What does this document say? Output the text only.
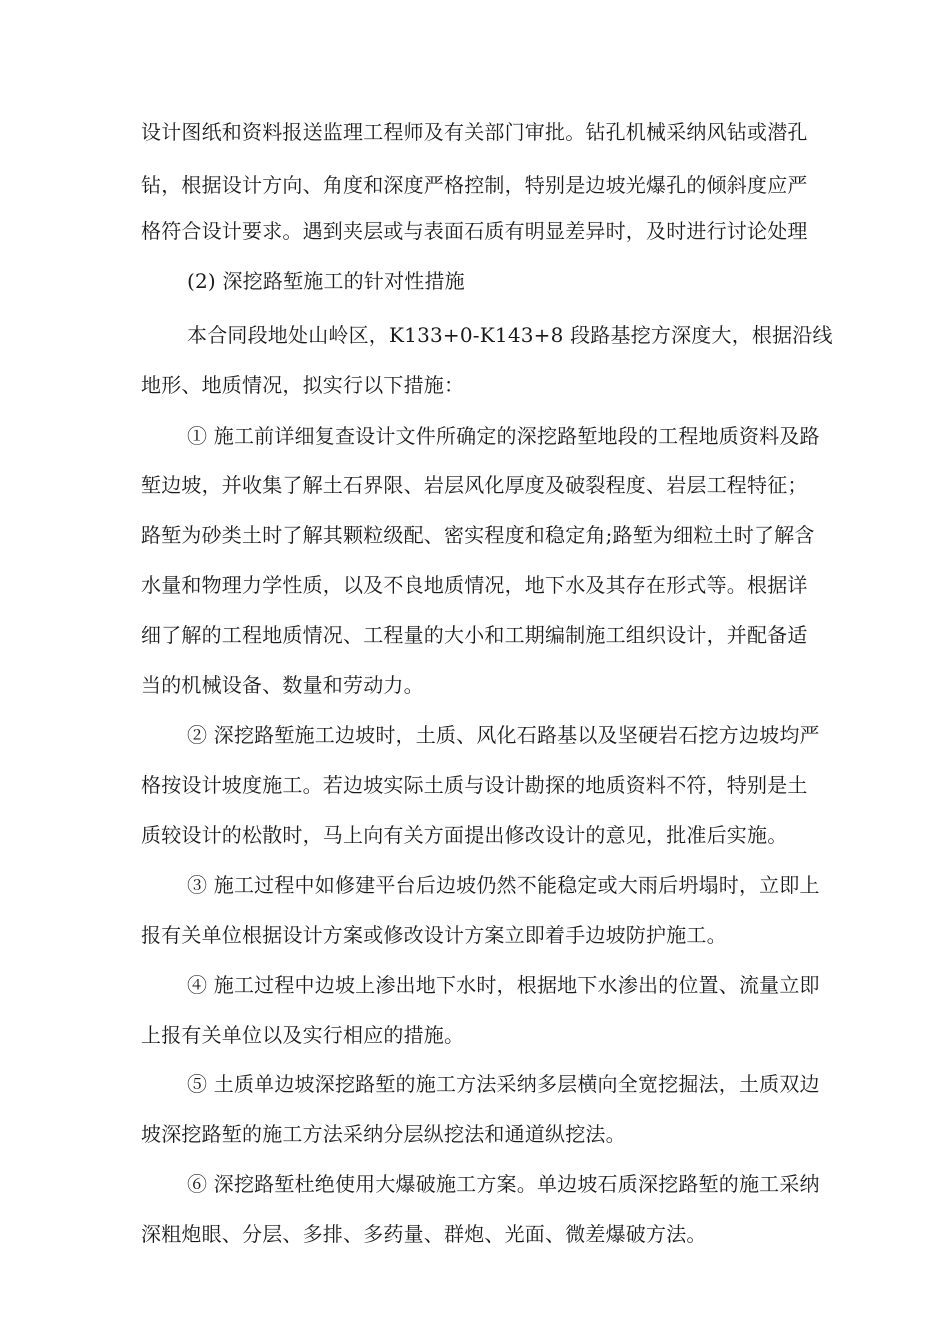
设计图纸和资料报送监理工程师及有关部门审批。钻孔机械采纳风钻或潜孔
钻，根据设计方向、角度和深度严格控制，特别是边坡光爆孔的倾斜度应严
格符合设计要求。遇到夹层或与表面石质有明显差异时，及时进行讨论处理
(2) 深挖路堑施工的针对性措施
本合同段地处山岭区，K133+0-K143+8 段路基挖方深度大，根据沿线
地形、地质情况，拟实行以下措施：
① 施工前详细复查设计文件所确定的深挖路堑地段的工程地质资料及路
堑边坡，并收集了解土石界限、岩层风化厚度及破裂程度、岩层工程特征；
路堑为砂类土时了解其颗粒级配、密实程度和稳定角;路堑为细粒土时了解含
水量和物理力学性质，以及不良地质情况，地下水及其存在形式等。根据详
细了解的工程地质情况、工程量的大小和工期编制施工组织设计，并配备适
当的机械设备、数量和劳动力。
② 深挖路堑施工边坡时，土质、风化石路基以及坚硬岩石挖方边坡均严
格按设计坡度施工。若边坡实际土质与设计勘探的地质资料不符，特别是土
质较设计的松散时，马上向有关方面提出修改设计的意见，批准后实施。
③ 施工过程中如修建平台后边坡仍然不能稳定或大雨后坍塌时，立即上
报有关单位根据设计方案或修改设计方案立即着手边坡防护施工。
④ 施工过程中边坡上渗出地下水时，根据地下水渗出的位置、流量立即
上报有关单位以及实行相应的措施。
⑤ 土质单边坡深挖路堑的施工方法采纳多层横向全宽挖掘法，土质双边
坡深挖路堑的施工方法采纳分层纵挖法和通道纵挖法。
⑥ 深挖路堑杜绝使用大爆破施工方案。单边坡石质深挖路堑的施工采纳
深粗炮眼、分层、多排、多药量、群炮、光面、微差爆破方法。
